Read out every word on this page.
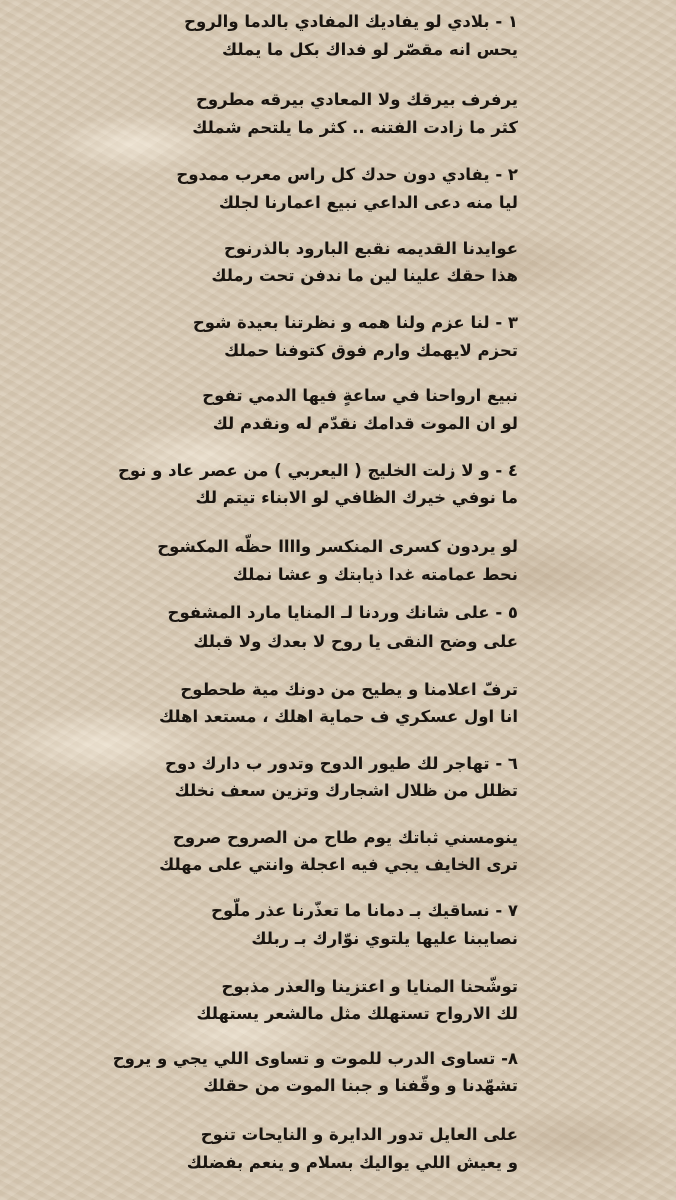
١ - بلادي لو يفاديك المفادي بالدما والروح
يحس انه مقصّر لو فداك بكل ما يملك
يرفرف بيرقك ولا المعادي بيرقه مطروح
كثر ما زادت الفتنه .. كثر ما يلتحم شملك
٢ - يفادي دون حدك كل راس معرب ممدوح
ليا منه دعى الداعي نبيع اعمارنا لجلك
عوايدنا القديمه نقبع البارود بالذرنوح
هذا حقك علينا لين ما ندفن تحت رملك
٣ - لنا عزم ولنا همه و نظرتنا بعيدة شوح
تحزم لايهمك وارم فوق كتوفنا حملك
نبيع ارواحنا في ساعةٍ فيها الدمي تفوح
لو ان الموت قدامك نقدّم له ونقدم لك
٤ - و لا زلت الخليج ( اليعربي ) من عصر عاد و نوح
ما نوفي خيرك الظافي لو ‏‎الابناء تيتم لك
لو يردون كسرى المنكسر واااا حظّه المكشوح
نحط عمامته غدا ذيابتك و عشا نملك
٥ - على شانك وردنا لـ المنايا مارد المشفوح
على وضح النقى يا روح لا بعدك ولا قبلك
ترفّ اعلامنا و يطيح من دونك مية طحطوح
انا اول عسكري ف حماية اهلك ، مستعد اهلك
٦ - تهاجر لك طيور الدوح وتدور ب دارك دوح
تظلل من ظلال اشجارك وتزين سعف نخلك
ينومسني ثباتك يوم طاح من الصروح صروح
ترى الخايف يجي فيه اعجلة وانتي على مهلك
٧ - نساقيك بـ دمانا ما تعذّرنا عذر ملّوح
نصايبنا عليها يلتوي نوّارك بـ ربلك
توشّحنا المنايا و اعتزينا والعذر مذبوح
لك الارواح تستهلك مثل مالشعر يستهلك
٨- تساوى الدرب للموت و تساوى اللي يجي و يروح
تشهّدنا و وقّفنا و جبنا الموت من حقلك
على العايل تدور الدايرة و النايحات تنوح
و يعيش اللي يواليك بسلام و ينعم بفضلك
